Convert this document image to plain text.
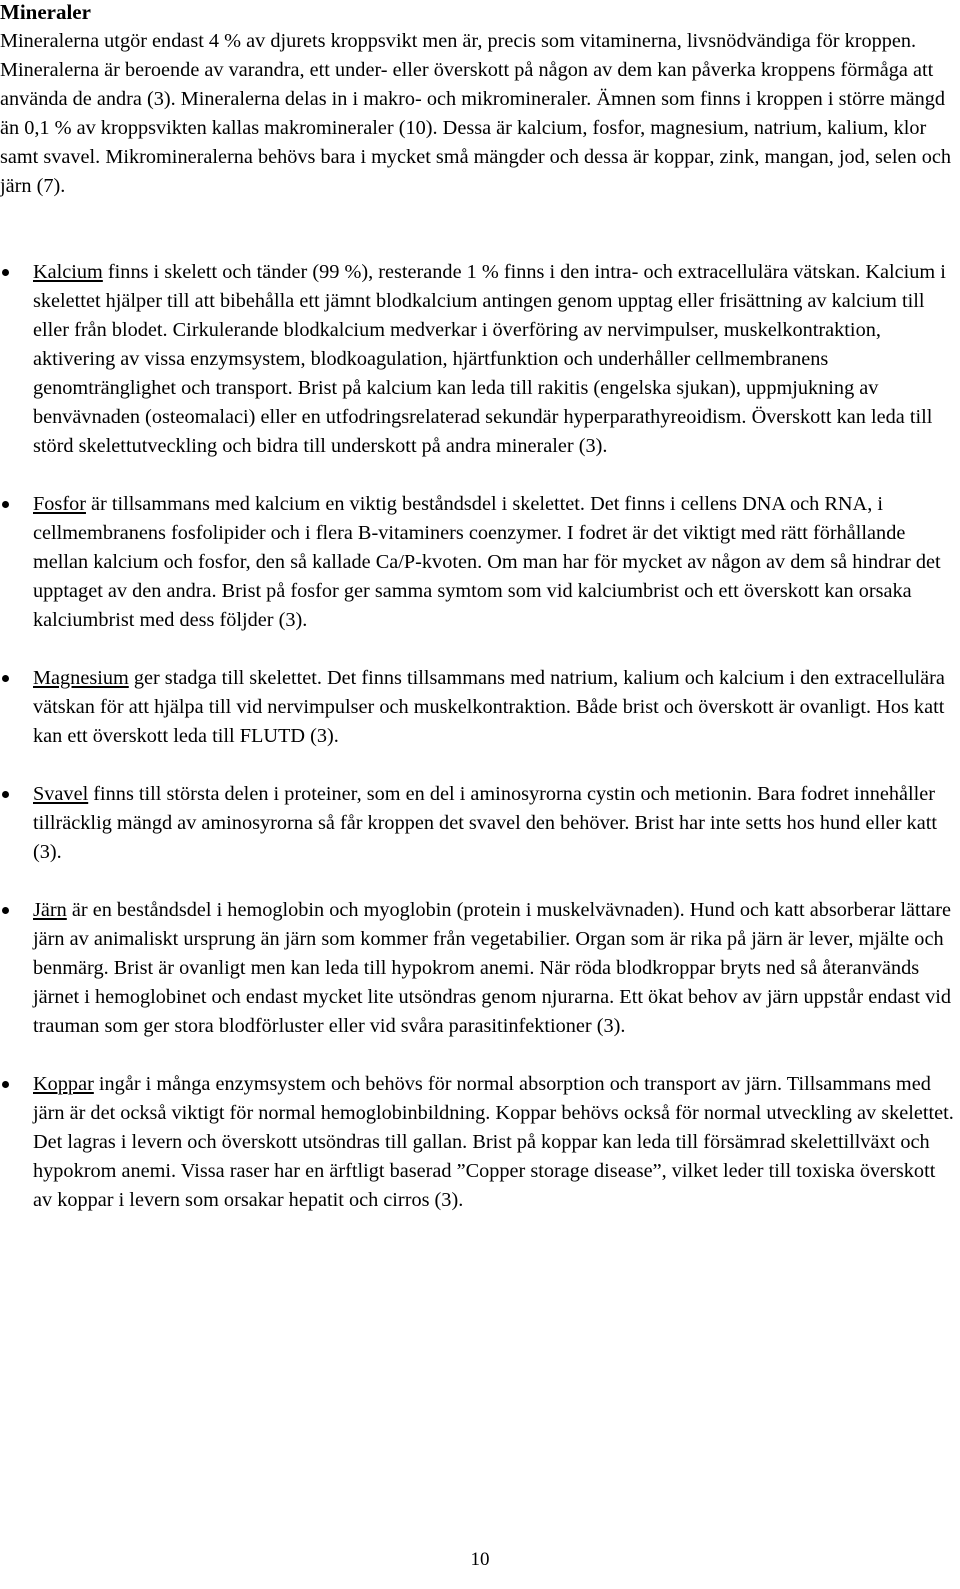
Mineraler

Mineralerna utgör endast 4 % av djurets kroppsvikt men är, precis som vitaminerna, livsnödvändiga för kroppen. Mineralerna är beroende av varandra, ett under- eller överskott på någon av dem kan påverka kroppens förmåga att använda de andra (3). Mineralerna delas in i makro- och mikromineraler. Ämnen som finns i kroppen i större mängd än 0,1 % av kroppsvikten kallas makromineraler (10). Dessa är kalcium, fosfor, magnesium, natrium, kalium, klor samt svavel. Mikromineralerna behövs bara i mycket små mängder och dessa är koppar, zink, mangan, jod, selen och järn (7).

Kalcium finns i skelett och tänder (99 %), resterande 1 % finns i den intra- och extracellulära vätskan. Kalcium i skelettet hjälper till att bibehålla ett jämnt blodkalcium antingen genom upptag eller frisättning av kalcium till eller från blodet. Cirkulerande blodkalcium medverkar i överföring av nervimpulser, muskelkontraktion, aktivering av vissa enzymsystem, blodkoagulation, hjärtfunktion och underhåller cellmembranens genomtränglighet och transport. Brist på kalcium kan leda till rakitis (engelska sjukan), uppmjukning av benvävnaden (osteomalaci) eller en utfodringsrelaterad sekundär hyperparathyreoidism. Överskott kan leda till störd skelettutveckling och bidra till underskott på andra mineraler (3).
Fosfor är tillsammans med kalcium en viktig beståndsdel i skelettet. Det finns i cellens DNA och RNA, i cellmembranens fosfolipider och i flera B-vitaminers coenzymer. I fodret är det viktigt med rätt förhållande mellan kalcium och fosfor, den så kallade Ca/P-kvoten. Om man har för mycket av någon av dem så hindrar det upptaget av den andra. Brist på fosfor ger samma symtom som vid kalciumbrist och ett överskott kan orsaka kalciumbrist med dess följder (3).
Magnesium ger stadga till skelettet. Det finns tillsammans med natrium, kalium och kalcium i den extracellulära vätskan för att hjälpa till vid nervimpulser och muskelkontraktion. Både brist och överskott är ovanligt. Hos katt kan ett överskott leda till FLUTD (3).
Svavel finns till största delen i proteiner, som en del i aminosyrorna cystin och metionin. Bara fodret innehåller tillräcklig mängd av aminosyrorna så får kroppen det svavel den behöver. Brist har inte setts hos hund eller katt (3).
Järn är en beståndsdel i hemoglobin och myoglobin (protein i muskelvävnaden). Hund och katt absorberar lättare järn av animaliskt ursprung än järn som kommer från vegetabilier. Organ som är rika på järn är lever, mjälte och benmärg. Brist är ovanligt men kan leda till hypokrom anemi. När röda blodkroppar bryts ned så återanvänds järnet i hemoglobinet och endast mycket lite utsöndras genom njurarna. Ett ökat behov av järn uppstår endast vid trauman som ger stora blodförluster eller vid svåra parasitinfektioner (3).
Koppar ingår i många enzymsystem och behövs för normal absorption och transport av järn. Tillsammans med järn är det också viktigt för normal hemoglobinbildning. Koppar behövs också för normal utveckling av skelettet. Det lagras i levern och överskott utsöndras till gallan. Brist på koppar kan leda till försämrad skelettillväxt och hypokrom anemi. Vissa raser har en ärftligt baserad ”Copper storage disease”, vilket leder till toxiska överskott av koppar i levern som orsakar hepatit och cirros (3).
10
